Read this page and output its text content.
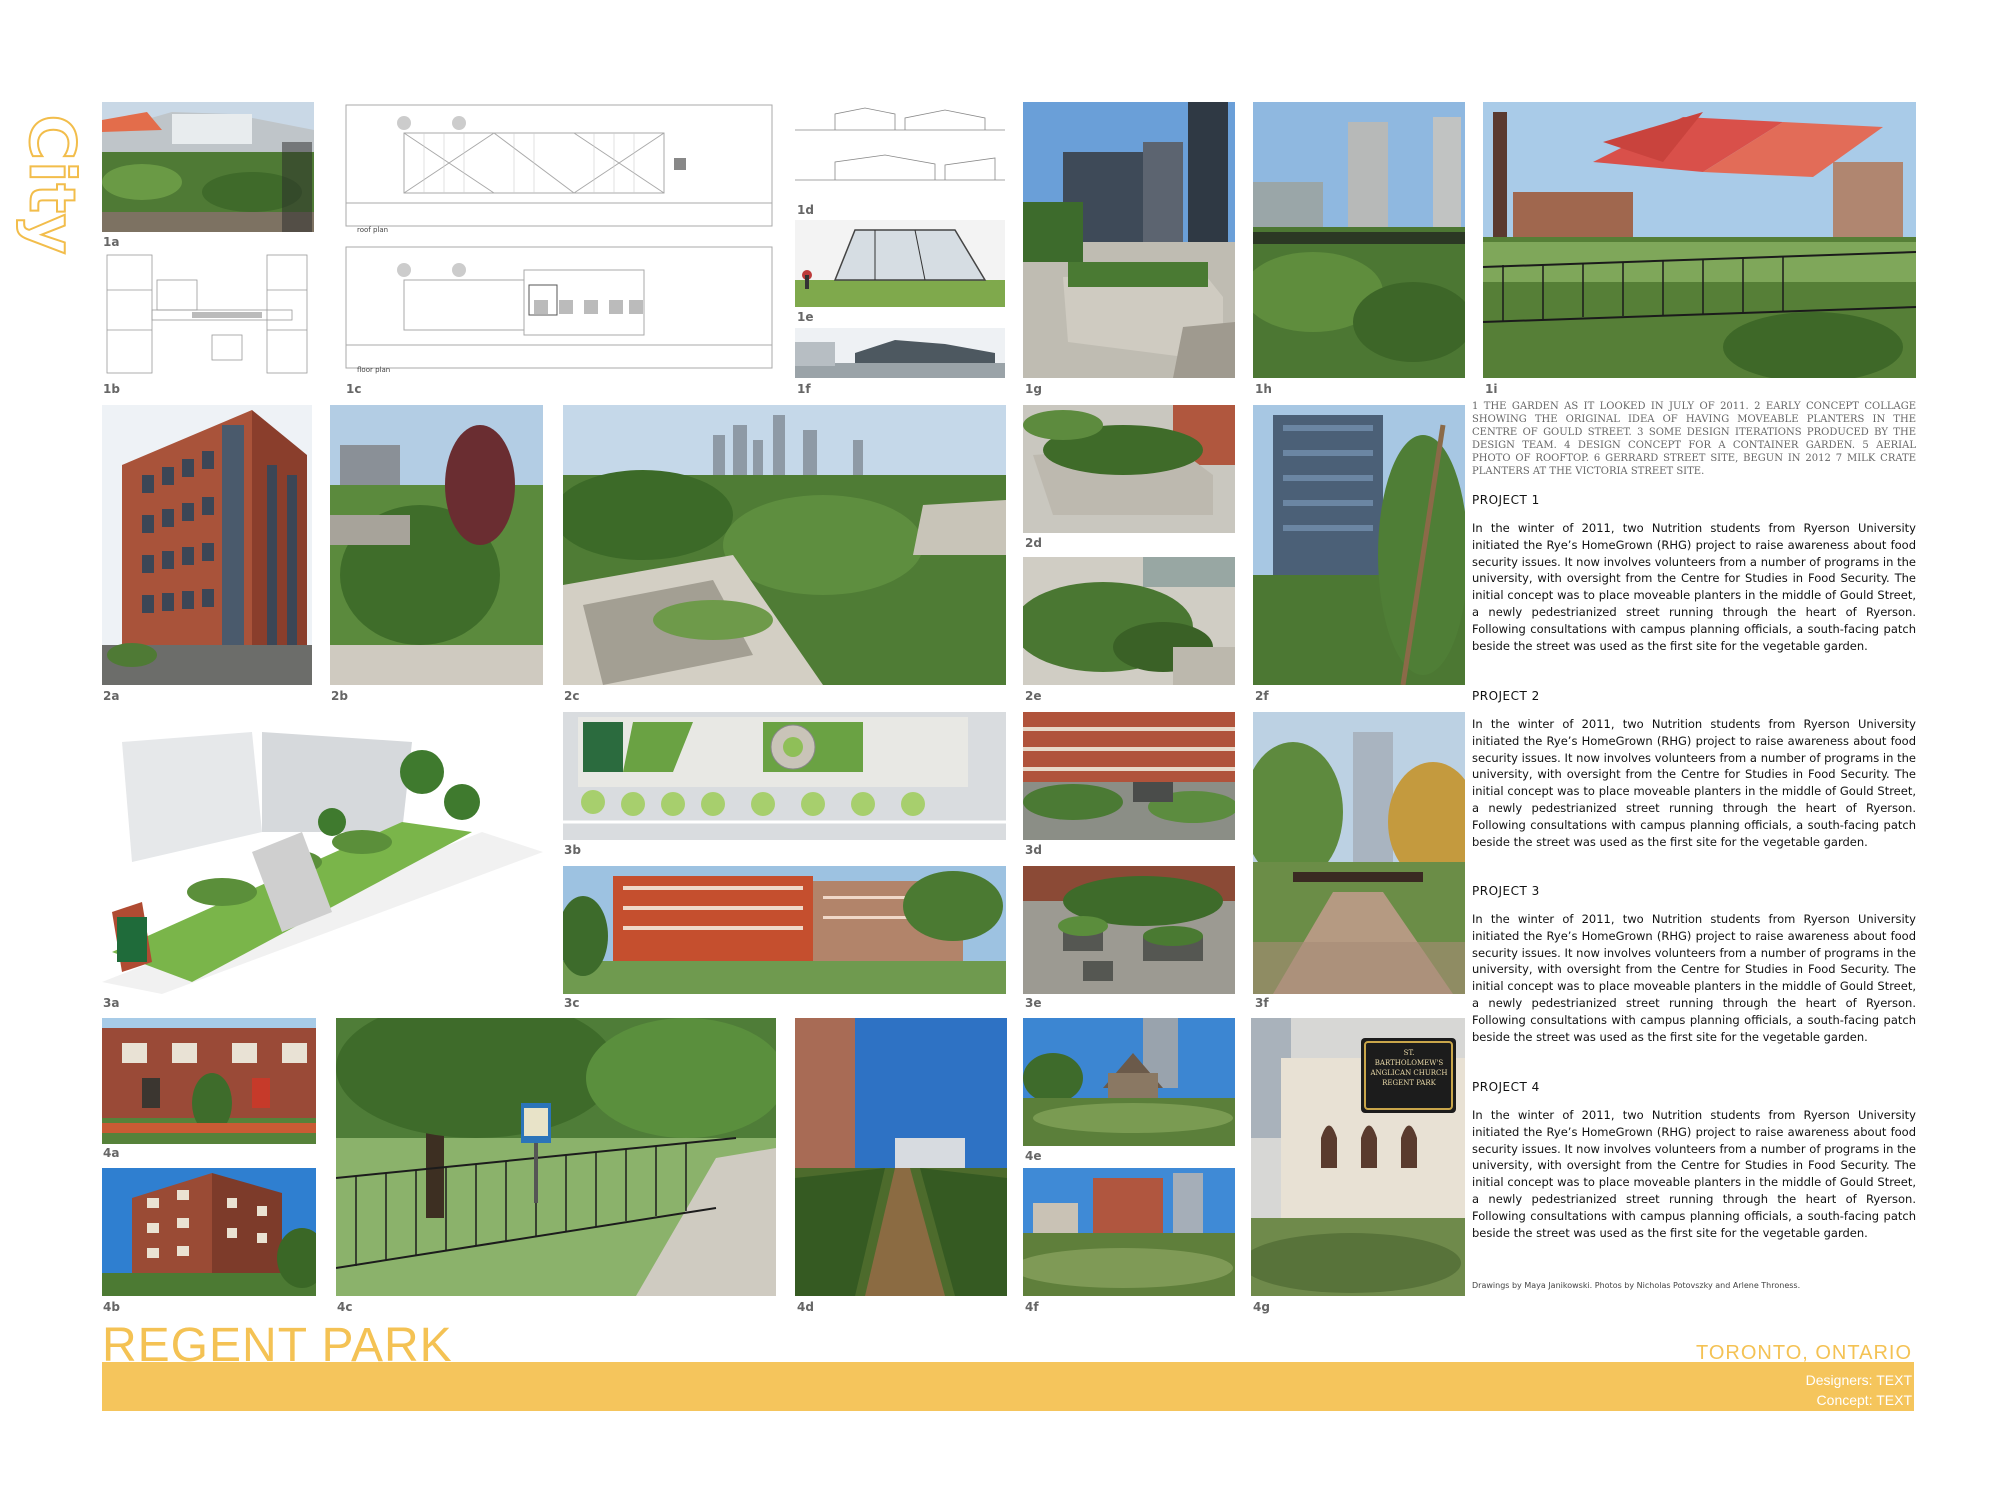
City 1a
1b
roof plan
floor plan
1c
1d
1e
1f	1g	1h	1i
1 THE GARDEN AS IT LOOKED IN JULY OF 2011. 2 EARLY CONCEPT COLLAGE SHOWING THE ORIGINAL IDEA OF HAVING MOVEABLE PLANTERS IN THE CENTRE OF GOULD STREET. 3 SOME DESIGN ITERATIONS PRODUCED BY THE DESIGN TEAM. 4 DESIGN CONCEPT FOR A CONTAINER GARDEN. 5 AERIAL PHOTO OF ROOFTOP. 6 GERRARD STREET SITE, BEGUN IN 2012 7 MILK CRATE PLANTERS AT THE VICTORIA STREET SITE.
2a	2b	2c
2d
2e	2f
3a
3b
3c
3d
3e	3f
4a
4b	4c	4d
4e
4f
ST. BARTHOLOMEW'S ANGLICAN CHURCH REGENT PARK
4g
PROJECT 1
In the winter of 2011, two Nutrition students from Ryerson University initiated the Rye’s HomeGrown (RHG) project to raise awareness about food security issues. It now involves volunteers from a number of programs in the university, with oversight from the Centre for Studies in Food Security. The initial concept was to place moveable planters in the middle of Gould Street, a newly pedestrianized street running through the heart of Ryerson. Following consultations with campus planning officials, a south-facing patch beside the street was used as the first site for the vegetable garden.
PROJECT 2
In the winter of 2011, two Nutrition students from Ryerson University initiated the Rye’s HomeGrown (RHG) project to raise awareness about food security issues. It now involves volunteers from a number of programs in the university, with oversight from the Centre for Studies in Food Security. The initial concept was to place moveable planters in the middle of Gould Street, a newly pedestrianized street running through the heart of Ryerson. Following consultations with campus planning officials, a south-facing patch beside the street was used as the first site for the vegetable garden.
PROJECT 3
In the winter of 2011, two Nutrition students from Ryerson University initiated the Rye’s HomeGrown (RHG) project to raise awareness about food security issues. It now involves volunteers from a number of programs in the university, with oversight from the Centre for Studies in Food Security. The initial concept was to place moveable planters in the middle of Gould Street, a newly pedestrianized street running through the heart of Ryerson. Following consultations with campus planning officials, a south-facing patch beside the street was used as the first site for the vegetable garden.
PROJECT 4
In the winter of 2011, two Nutrition students from Ryerson University initiated the Rye’s HomeGrown (RHG) project to raise awareness about food security issues. It now involves volunteers from a number of programs in the university, with oversight from the Centre for Studies in Food Security. The initial concept was to place moveable planters in the middle of Gould Street, a newly pedestrianized street running through the heart of Ryerson. Following consultations with campus planning officials, a south-facing patch beside the street was used as the first site for the vegetable garden.
Drawings by Maya Janikowski. Photos by Nicholas Potovszky and Arlene Throness.
REGENT PARK	TORONTO, ONTARIO
Designers: TEXT
Concept: TEXT
